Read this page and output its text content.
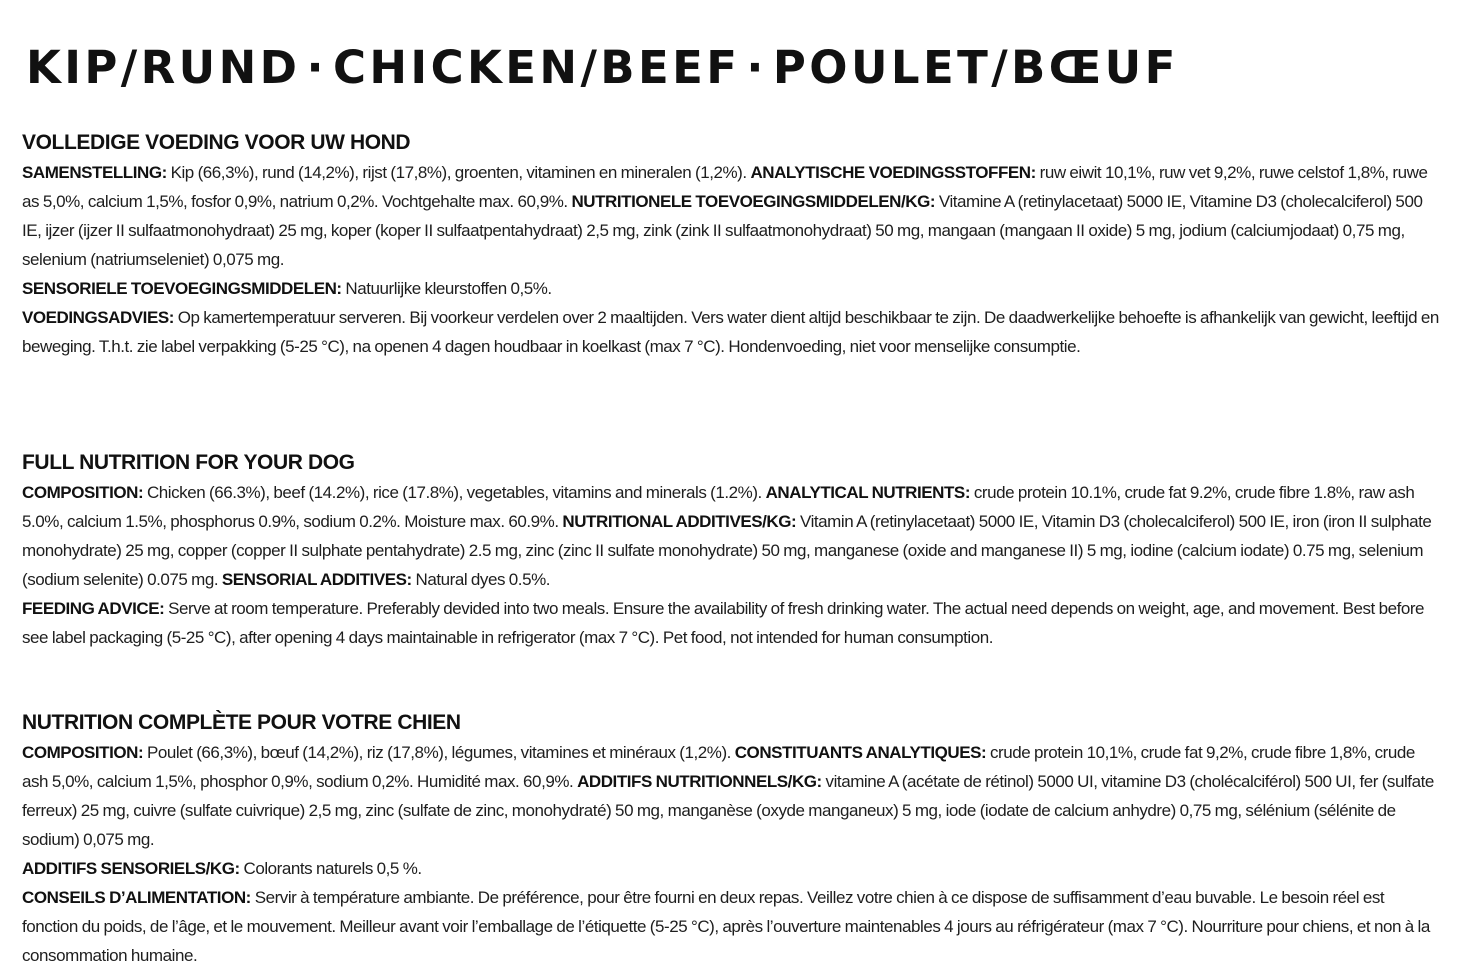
KIP/RUND · CHICKEN/BEEF · POULET/BŒUF
VOLLEDIGE VOEDING VOOR UW HOND

SAMENSTELLING: Kip (66,3%), rund (14,2%), rijst (17,8%), groenten, vitaminen en mineralen (1,2%). ANALYTISCHE VOEDINGSSTOFFEN: ruw eiwit 10,1%, ruw vet 9,2%, ruwe celstof 1,8%, ruwe as 5,0%, calcium 1,5%, fosfor 0,9%, natrium 0,2%. Vochtgehalte max. 60,9%. NUTRITIONELE TOEVOEGINGSMIDDELEN/KG: Vitamine A (retinylacetaat) 5000 IE, Vitamine D3 (cholecalciferol) 500 IE, ijzer (ijzer II sulfaatmonohydraat) 25 mg, koper (koper II sulfaatpentahydraat) 2,5 mg, zink (zink II sulfaatmonohydraat) 50 mg, mangaan (mangaan II oxide) 5 mg, jodium (calciumjodaat) 0,75 mg, selenium (natriumseleniet) 0,075 mg.

SENSORIELE TOEVOEGINGSMIDDELEN: Natuurlijke kleurstoffen 0,5%.

VOEDINGSADVIES: Op kamertemperatuur serveren. Bij voorkeur verdelen over 2 maaltijden. Vers water dient altijd beschikbaar te zijn. De daadwerkelijke behoefte is afhankelijk van gewicht, leeftijd en beweging. T.h.t. zie label verpakking (5-25 °C), na openen 4 dagen houdbaar in koelkast (max 7 °C). Hondenvoeding, niet voor menselijke consumptie.

FULL NUTRITION FOR YOUR DOG

COMPOSITION: Chicken (66.3%), beef (14.2%), rice (17.8%), vegetables, vitamins and minerals (1.2%). ANALYTICAL NUTRIENTS: crude protein 10.1%, crude fat 9.2%, crude fibre 1.8%, raw ash 5.0%, calcium 1.5%, phosphorus 0.9%, sodium 0.2%. Moisture max. 60.9%. NUTRITIONAL ADDITIVES/KG: Vitamin A (retinylacetaat) 5000 IE, Vitamin D3 (cholecalciferol) 500 IE, iron (iron II sulphate monohydrate) 25 mg, copper (copper II sulphate pentahydrate) 2.5 mg, zinc (zinc II sulfate monohydrate) 50 mg, manganese (oxide and manganese II) 5 mg, iodine (calcium iodate) 0.75 mg, selenium (sodium selenite) 0.075 mg. SENSORIAL ADDITIVES: Natural dyes 0.5%.

FEEDING ADVICE: Serve at room temperature. Preferably devided into two meals. Ensure the availability of fresh drinking water. The actual need depends on weight, age, and movement. Best before see label packaging (5-25 °C), after opening 4 days maintainable in refrigerator (max 7 °C). Pet food, not intended for human consumption.

NUTRITION COMPLÈTE POUR VOTRE CHIEN

COMPOSITION: Poulet (66,3%), bœuf (14,2%), riz (17,8%), légumes, vitamines et minéraux (1,2%). CONSTITUANTS ANALYTIQUES: crude protein 10,1%, crude fat 9,2%, crude fibre 1,8%, crude ash 5,0%, calcium 1,5%, phosphor 0,9%, sodium 0,2%. Humidité max. 60,9%. ADDITIFS NUTRITIONNELS/KG: vitamine A (acétate de rétinol) 5000 UI, vitamine D3 (cholécalciférol) 500 UI, fer (sulfate ferreux) 25 mg, cuivre (sulfate cuivrique) 2,5 mg, zinc (sulfate de zinc, monohydraté) 50 mg, manganèse (oxyde manganeux) 5 mg, iode (iodate de calcium anhydre) 0,75 mg, sélénium (sélénite de sodium) 0,075 mg.

ADDITIFS SENSORIELS/KG: Colorants naturels 0,5 %.

CONSEILS D’ALIMENTATION: Servir à température ambiante. De préférence, pour être fourni en deux repas. Veillez votre chien à ce dispose de suffisamment d’eau buvable. Le besoin réel est fonction du poids, de l’âge, et le mouvement. Meilleur avant voir l’emballage de l’étiquette (5-25 °C), après l’ouverture maintenables 4 jours au réfrigérateur (max 7 °C). Nourriture pour chiens, et non à la consommation humaine.
